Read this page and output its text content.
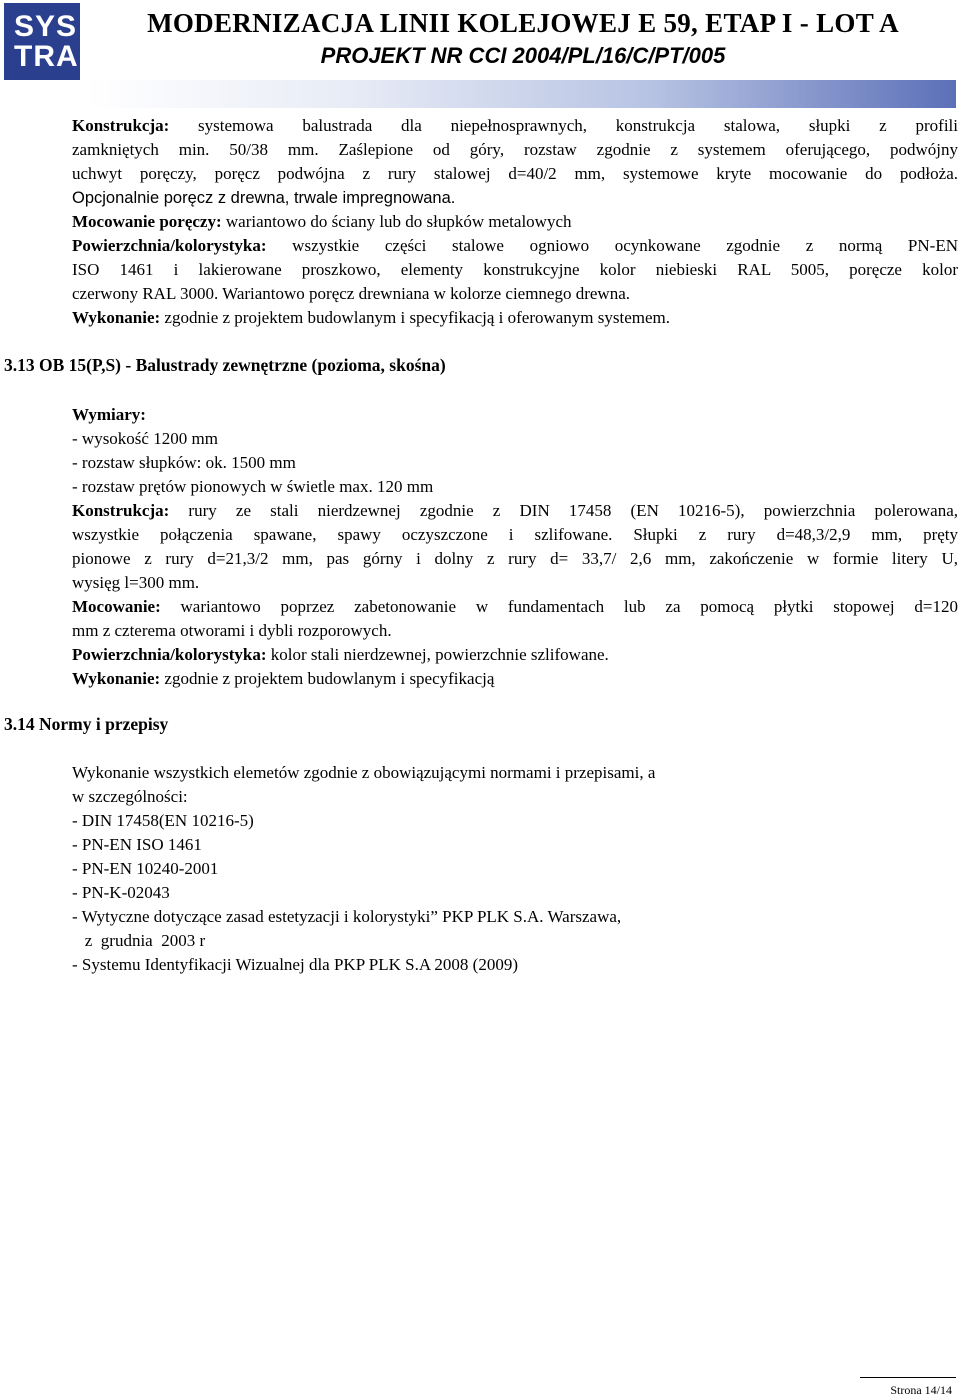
SYS
TRA
MODERNIZACJA LINII KOLEJOWEJ E 59, ETAP I - LOT A
PROJEKT NR CCI 2004/PL/16/C/PT/005

Konstrukcja: systemowa balustrada dla niepełnosprawnych, konstrukcja stalowa, słupki z profili

zamkniętych min. 50/38 mm. Zaślepione od góry, rozstaw zgodnie z systemem oferującego, podwójny

uchwyt poręczy, poręcz podwójna z rury stalowej d=40/2 mm, systemowe kryte mocowanie do podłoża.

Opcjonalnie poręcz z drewna, trwale impregnowana.

Mocowanie poręczy: wariantowo do ściany lub do słupków metalowych

Powierzchnia/kolorystyka: wszystkie części stalowe ogniowo ocynkowane zgodnie z normą PN-EN

ISO 1461 i lakierowane proszkowo, elementy konstrukcyjne kolor niebieski RAL 5005, poręcze kolor

czerwony RAL 3000. Wariantowo poręcz drewniana w kolorze ciemnego drewna.

Wykonanie: zgodnie z projektem budowlanym i specyfikacją i oferowanym systemem.

3.13 OB 15(P,S) - Balustrady zewnętrzne (pozioma, skośna)

Wymiary:

- wysokość 1200 mm

- rozstaw słupków: ok. 1500 mm

- rozstaw prętów pionowych w świetle max. 120 mm

Konstrukcja: rury ze stali nierdzewnej zgodnie z DIN 17458 (EN 10216-5), powierzchnia polerowana,

wszystkie połączenia spawane, spawy oczyszczone i szlifowane. Słupki z rury d=48,3/2,9 mm, pręty

pionowe z rury d=21,3/2 mm, pas górny i dolny z rury d= 33,7/ 2,6 mm, zakończenie w formie litery U,

wysięg l=300 mm.

Mocowanie: wariantowo poprzez zabetonowanie w fundamentach lub za pomocą płytki stopowej d=120

mm z czterema otworami i dybli rozporowych.

Powierzchnia/kolorystyka: kolor stali nierdzewnej, powierzchnie szlifowane.

Wykonanie: zgodnie z projektem budowlanym i specyfikacją

3.14 Normy i przepisy

Wykonanie wszystkich elemetów zgodnie z obowiązującymi normami i przepisami, a

w szczególności:

- DIN 17458(EN 10216-5)

- PN-EN ISO 1461

- PN-EN 10240-2001

- PN-K-02043

- Wytyczne dotyczące zasad estetyzacji i kolorystyki” PKP PLK S.A. Warszawa,

z  grudnia  2003 r

- Systemu Identyfikacji Wizualnej dla PKP PLK S.A 2008 (2009)

Strona 14/14
